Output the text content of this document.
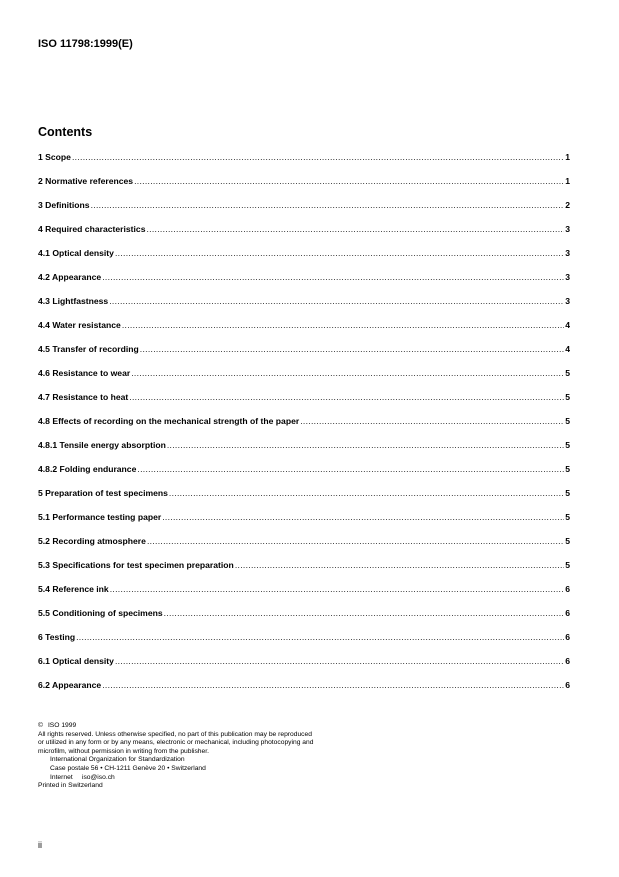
ISO 11798:1999(E)
Contents
1 Scope .....	1
2 Normative references .....	1
3 Definitions .....	2
4 Required characteristics .....	3
4.1 Optical density .....	3
4.2 Appearance .....	3
4.3 Lightfastness .....	3
4.4 Water resistance .....	4
4.5 Transfer of recording .....	4
4.6 Resistance to wear .....	5
4.7 Resistance to heat .....	5
4.8 Effects of recording on the mechanical strength of the paper .....	5
4.8.1 Tensile energy absorption .....	5
4.8.2 Folding endurance .....	5
5 Preparation of test specimens .....	5
5.1 Performance testing paper .....	5
5.2 Recording atmosphere .....	5
5.3 Specifications for test specimen preparation .....	5
5.4 Reference ink .....	6
5.5 Conditioning of specimens .....	6
6 Testing .....	6
6.1 Optical density .....	6
6.2 Appearance .....	6
© ISO 1999
All rights reserved. Unless otherwise specified, no part of this publication may be reproduced
or utilized in any form or by any means, electronic or mechanical, including photocopying and
microfilm, without permission in writing from the publisher.
International Organization for Standardization
Case postale 56 • CH-1211 Genève 20 • Switzerland
Internet     iso@iso.ch
Printed in Switzerland
ii
